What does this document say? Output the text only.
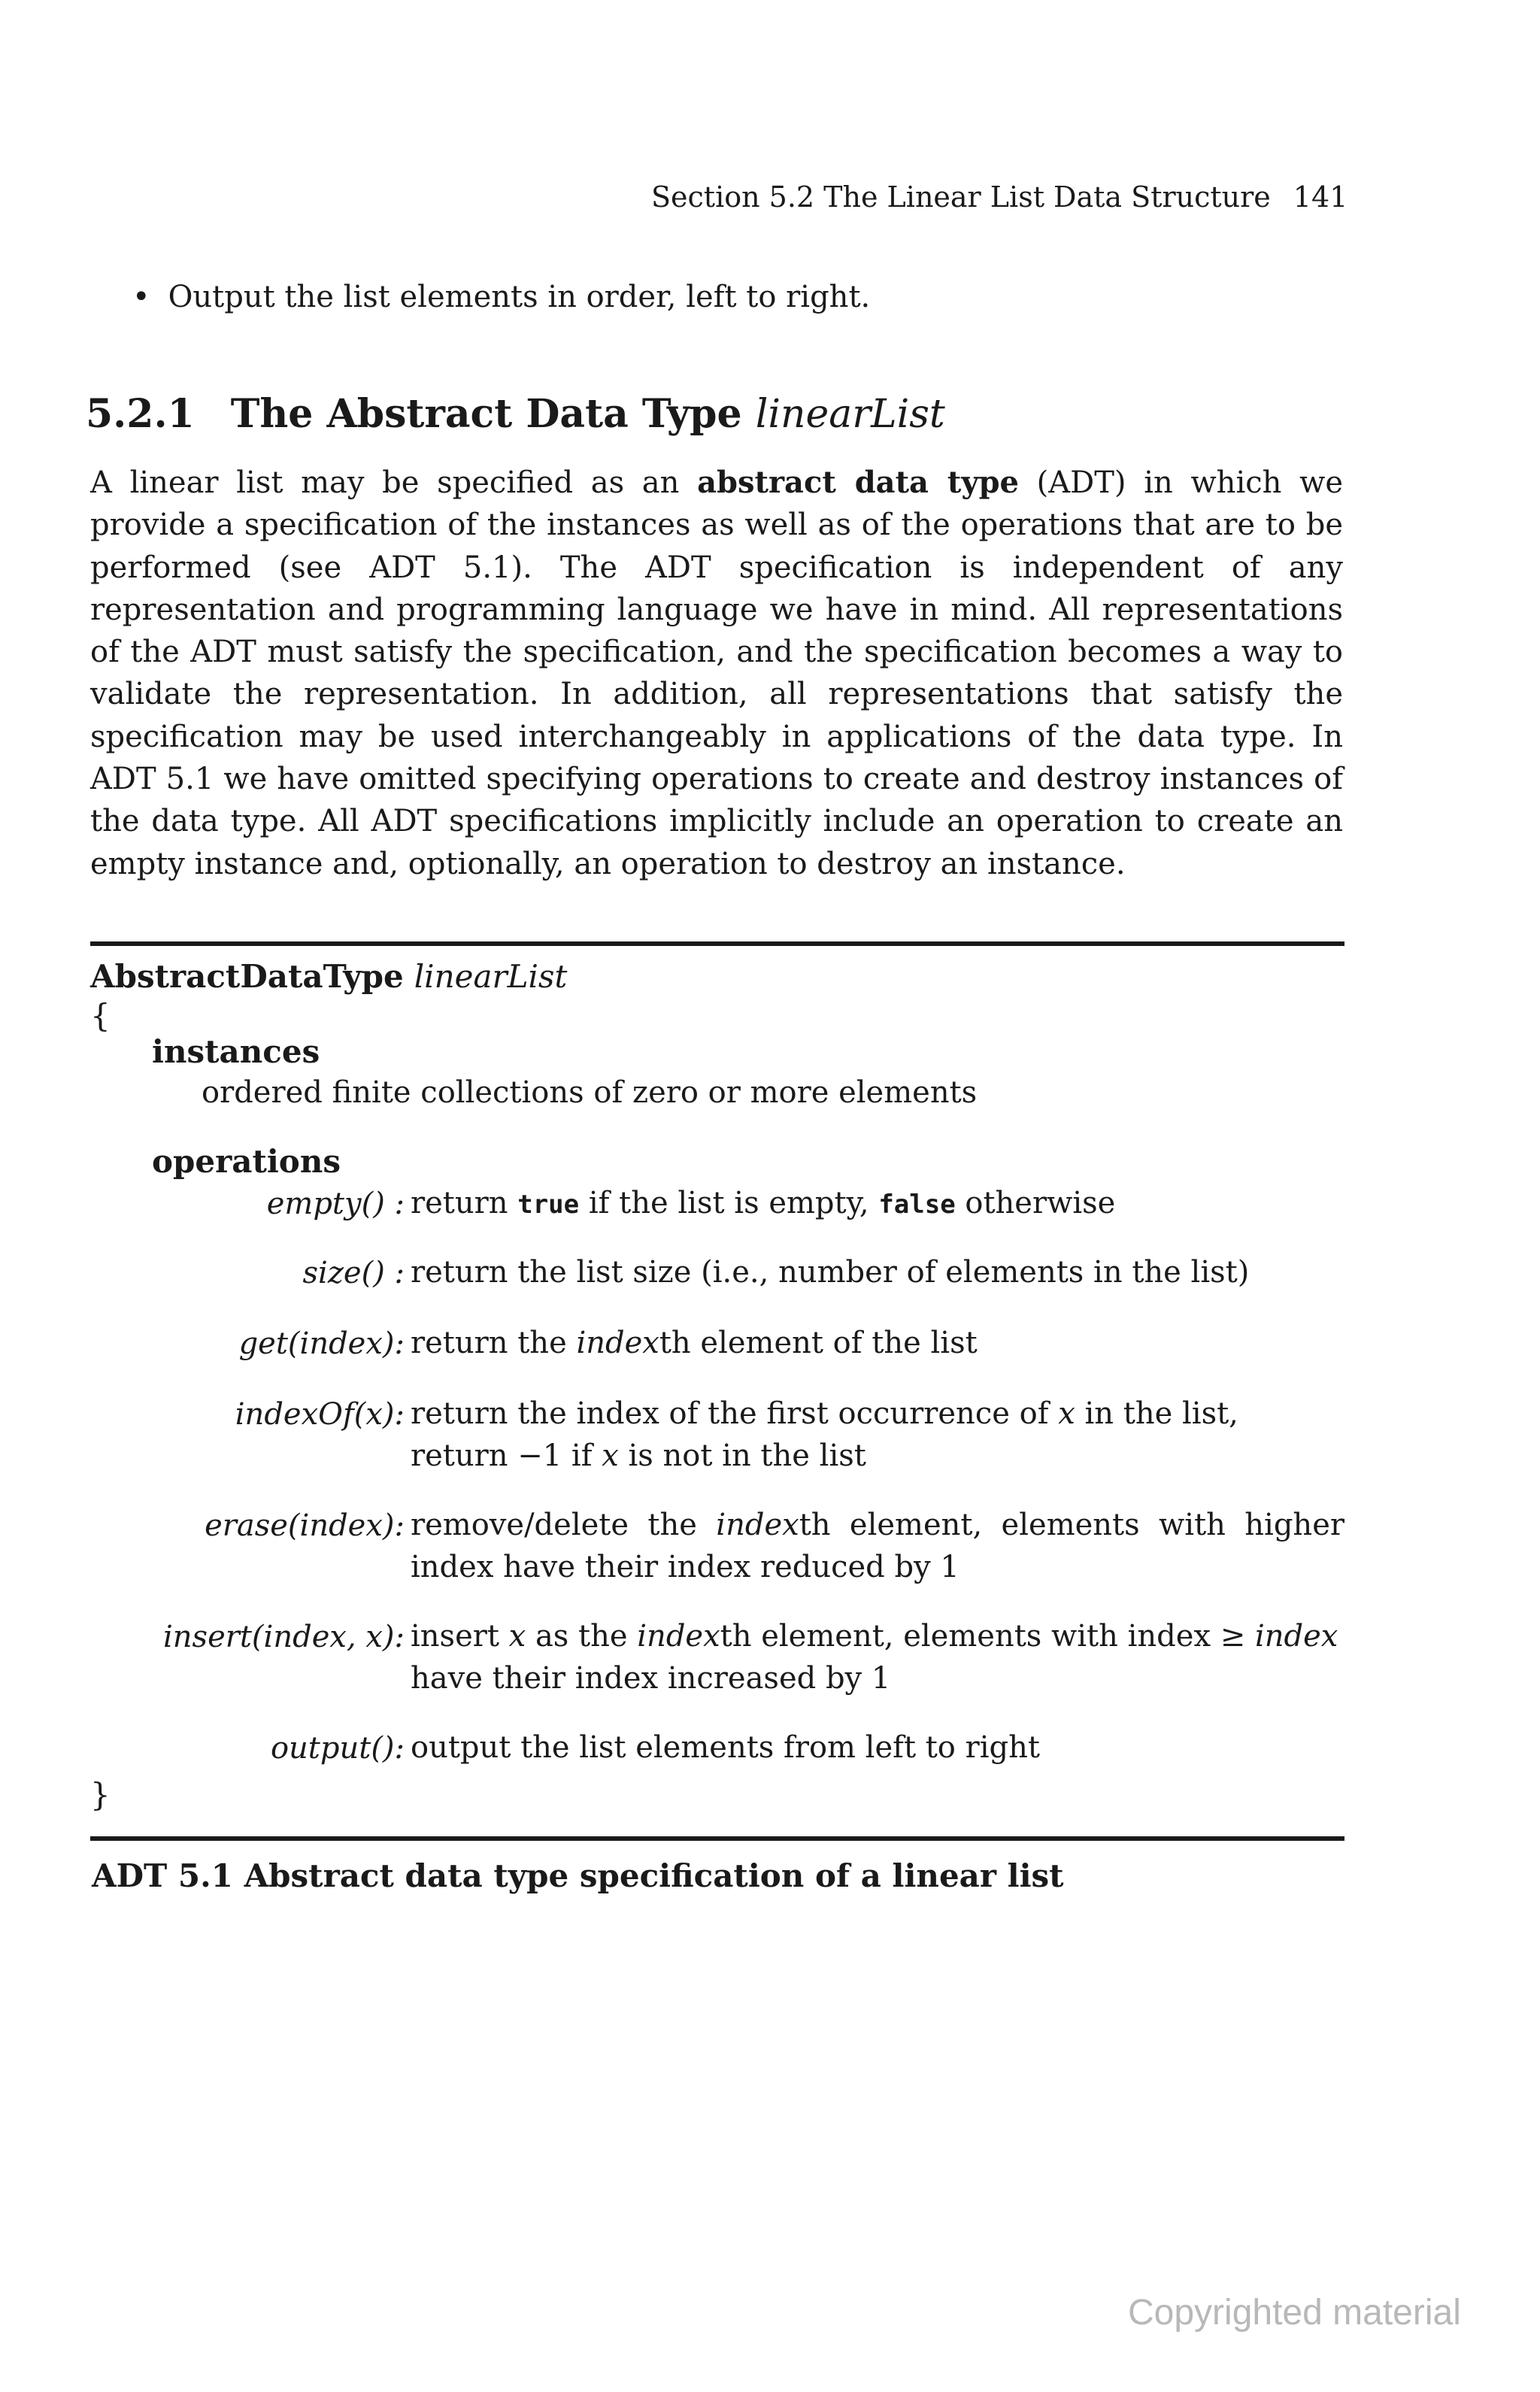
Section 5.2 The Linear List Data Structure 141
• Output the list elements in order, left to right.
5.2.1 The Abstract Data Type linearList
A linear list may be specified as an abstract data type (ADT) in which we provide a specification of the instances as well as of the operations that are to be performed (see ADT 5.1). The ADT specification is independent of any representation and programming language we have in mind. All representations of the ADT must satisfy the specification, and the specification becomes a way to validate the representation. In addition, all representations that satisfy the specification may be used interchangeably in applications of the data type. In ADT 5.1 we have omitted specifying operations to create and destroy instances of the data type. All ADT specifications implicitly include an operation to create an empty instance and, optionally, an operation to destroy an instance.
AbstractDataType linearList
{
instances
ordered finite collections of zero or more elements
operations
empty() : return true if the list is empty, false otherwise
size() : return the list size (i.e., number of elements in the list)
get(index): return the indexth element of the list
indexOf(x): return the index of the first occurrence of x in the list,
return −1 if x is not in the list
erase(index): remove/delete the indexth element, elements with higher index have their index reduced by 1
insert(index, x): insert x as the indexth element, elements with index ≥ index
have their index increased by 1
output(): output the list elements from left to right
}
ADT 5.1 Abstract data type specification of a linear list
Copyrighted material
